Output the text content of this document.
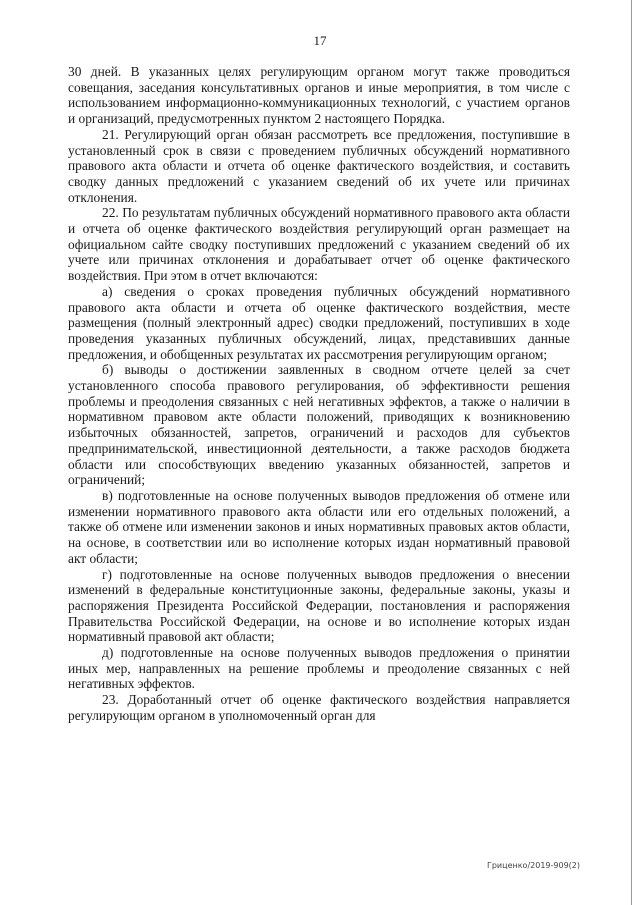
17

30 дней. В указанных целях регулирующим органом могут также проводиться совещания, заседания консультативных органов и иные мероприятия, в том числе с использованием информационно-коммуникационных технологий, с участием органов и организаций, предусмотренных пунктом 2 настоящего Порядка.

21. Регулирующий орган обязан рассмотреть все предложения, поступившие в установленный срок в связи с проведением публичных обсуждений нормативного правового акта области и отчета об оценке фактического воздействия, и составить сводку данных предложений с указанием сведений об их учете или причинах отклонения.

22. По результатам публичных обсуждений нормативного правового акта области и отчета об оценке фактического воздействия регулирующий орган размещает на официальном сайте сводку поступивших предложений с указанием сведений об их учете или причинах отклонения и дорабатывает отчет об оценке фактического воздействия. При этом в отчет включаются:

а) сведения о сроках проведения публичных обсуждений нормативного правового акта области и отчета об оценке фактического воздействия, месте размещения (полный электронный адрес) сводки предложений, поступивших в ходе проведения указанных публичных обсуждений, лицах, представивших данные предложения, и обобщенных результатах их рассмотрения регулирующим органом;

б) выводы о достижении заявленных в сводном отчете целей за счет установленного способа правового регулирования, об эффективности решения проблемы и преодоления связанных с ней негативных эффектов, а также о наличии в нормативном правовом акте области положений, приводящих к возникновению избыточных обязанностей, запретов, ограничений и расходов для субъектов предпринимательской, инвестиционной деятельности, а также расходов бюджета области или способствующих введению указанных обязанностей, запретов и ограничений;

в) подготовленные на основе полученных выводов предложения об отмене или изменении нормативного правового акта области или его отдельных положений, а также об отмене или изменении законов и иных нормативных правовых актов области, на основе, в соответствии или во исполнение которых издан нормативный правовой акт области;

г) подготовленные на основе полученных выводов предложения о внесении изменений в федеральные конституционные законы, федеральные законы, указы и распоряжения Президента Российской Федерации, постановления и распоряжения Правительства Российской Федерации, на основе и во исполнение которых издан нормативный правовой акт области;

д) подготовленные на основе полученных выводов предложения о принятии иных мер, направленных на решение проблемы и преодоление связанных с ней негативных эффектов.

23. Доработанный отчет об оценке фактического воздействия направляется регулирующим органом в уполномоченный орган для

Гриценко/2019-909(2)
